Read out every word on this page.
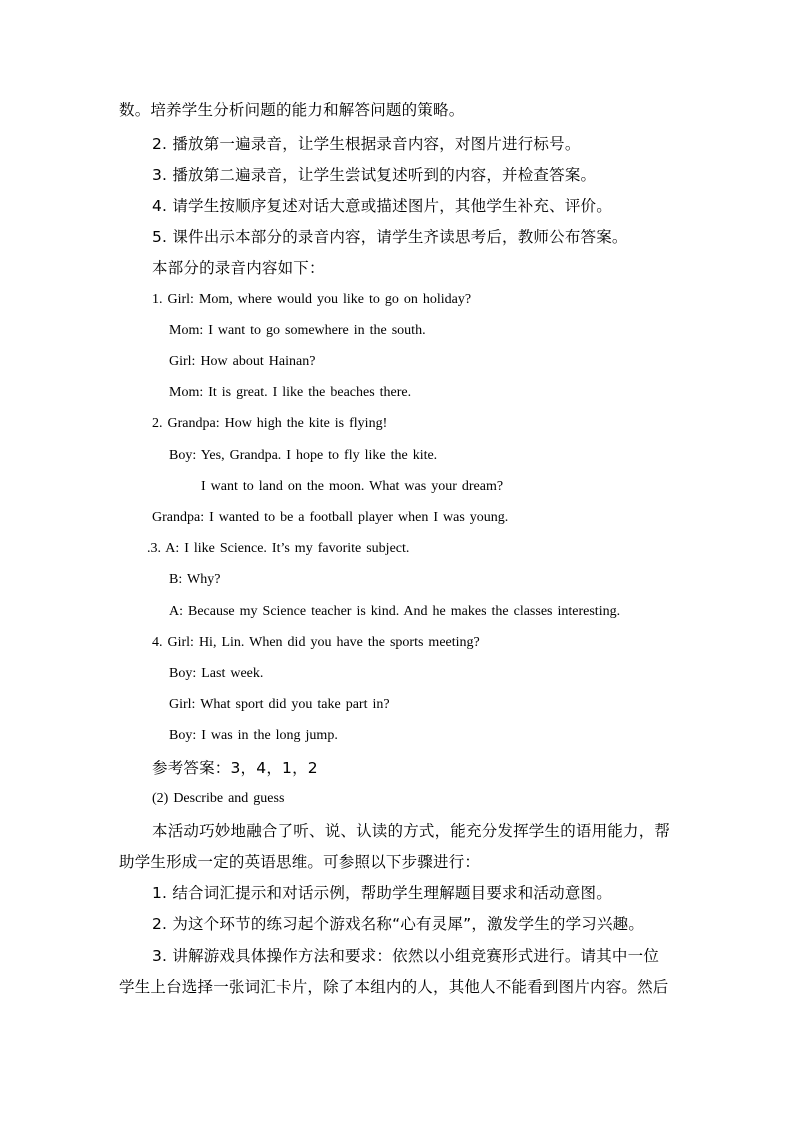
数。培养学生分析问题的能力和解答问题的策略。
2. 播放第一遍录音，让学生根据录音内容，对图片进行标号。
3. 播放第二遍录音，让学生尝试复述听到的内容，并检查答案。
4. 请学生按顺序复述对话大意或描述图片，其他学生补充、评价。
5. 课件出示本部分的录音内容，请学生齐读思考后，教师公布答案。
本部分的录音内容如下：
1. Girl: Mom, where would you like to go on holiday?
Mom: I want to go somewhere in the south.
Girl: How about Hainan?
Mom: It is great. I like the beaches there.
2. Grandpa: How high the kite is flying!
Boy: Yes, Grandpa. I hope to fly like the kite.
I want to land on the moon. What was your dream?
Grandpa: I wanted to be a football player when I was young.
.3. A: I like Science. It’s my favorite subject.
B: Why?
A: Because my Science teacher is kind. And he makes the classes interesting.
4. Girl: Hi, Lin. When did you have the sports meeting?
Boy: Last week.
Girl: What sport did you take part in?
Boy: I was in the long jump.
参考答案：3，4，1，2
(2) Describe and guess
本活动巧妙地融合了听、说、认读的方式，能充分发挥学生的语用能力，帮
助学生形成一定的英语思维。可参照以下步骤进行：
1. 结合词汇提示和对话示例，帮助学生理解题目要求和活动意图。
2. 为这个环节的练习起个游戏名称“心有灵犀”，激发学生的学习兴趣。
3. 讲解游戏具体操作方法和要求：依然以小组竞赛形式进行。请其中一位
学生上台选择一张词汇卡片，除了本组内的人，其他人不能看到图片内容。然后
